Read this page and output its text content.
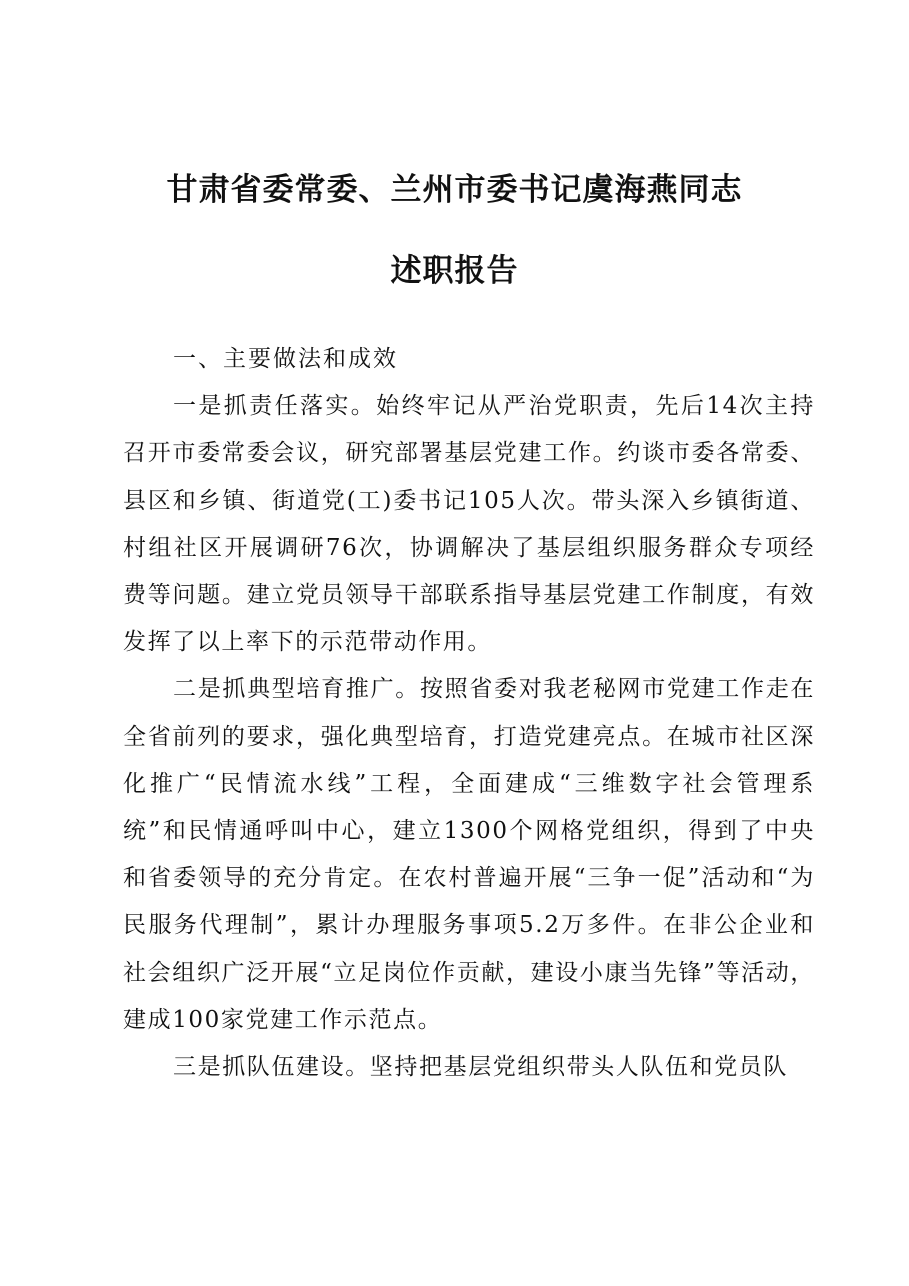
甘肃省委常委、兰州市委书记虞海燕同志
述职报告

一、主要做法和成效

一是抓责任落实。始终牢记从严治党职责，先后14次主持召开市委常委会议，研究部署基层党建工作。约谈市委各常委、县区和乡镇、街道党(工)委书记105人次。带头深入乡镇街道、村组社区开展调研76次，协调解决了基层组织服务群众专项经费等问题。建立党员领导干部联系指导基层党建工作制度，有效发挥了以上率下的示范带动作用。

二是抓典型培育推广。按照省委对我老秘网市党建工作走在全省前列的要求，强化典型培育，打造党建亮点。在城市社区深化推广“民情流水线”工程，全面建成“三维数字社会管理系统”和民情通呼叫中心，建立1300个网格党组织，得到了中央和省委领导的充分肯定。在农村普遍开展“三争一促”活动和“为民服务代理制”，累计办理服务事项5.2万多件。在非公企业和社会组织广泛开展“立足岗位作贡献，建设小康当先锋”等活动，建成100家党建工作示范点。

三是抓队伍建设。坚持把基层党组织带头人队伍和党员队
